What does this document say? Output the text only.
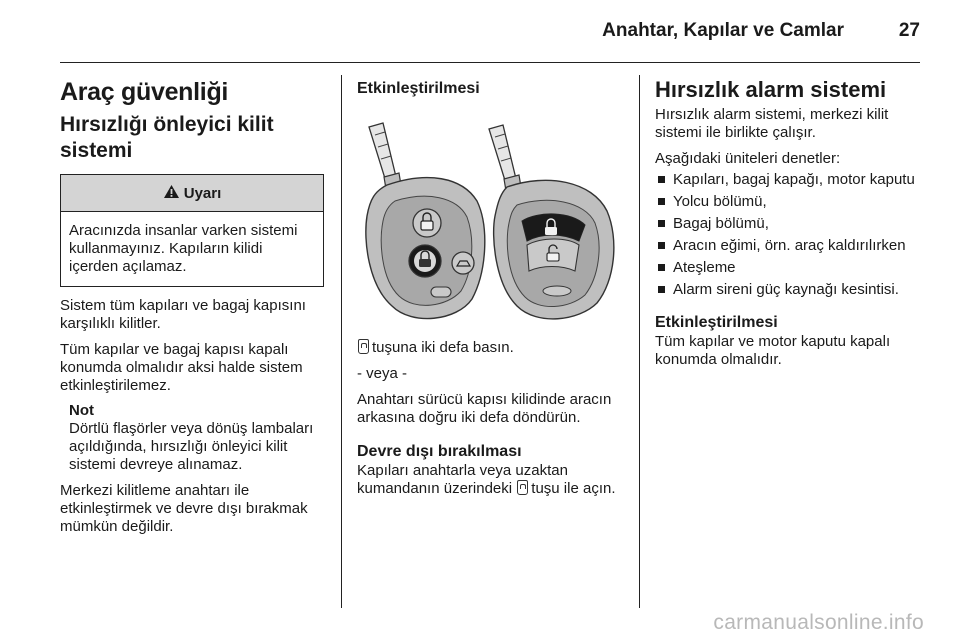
Anahtar, Kapılar ve Camlar	27
Araç güvenliği
Hırsızlığı önleyici kilit sistemi
Uyarı
Aracınızda insanlar varken sistemi kullanmayınız. Kapıların kilidi içerden açılamaz.

Sistem tüm kapıları ve bagaj kapısını karşılıklı kilitler.

Tüm kapılar ve bagaj kapısı kapalı konumda olmalıdır aksi halde sistem etkinleştirilemez.

Not

Dörtlü flaşörler veya dönüş lambaları açıldığında, hırsızlığı önleyici kilit sistemi devreye alınamaz.

Merkezi kilitleme anahtarı ile etkinleştirmek ve devre dışı bırakmak mümkün değildir.

Etkinleştirilmesi

tuşuna iki defa basın.

- veya -

Anahtarı sürücü kapısı kilidinde aracın arkasına doğru iki defa döndürün.

Devre dışı bırakılması

Kapıları anahtarla veya uzaktan kumandanın üzerindeki tuşu ile açın.

Hırsızlık alarm sistemi

Hırsızlık alarm sistemi, merkezi kilit sistemi ile birlikte çalışır.

Aşağıdaki üniteleri denetler:

Kapıları, bagaj kapağı, motor kaputu
Yolcu bölümü,
Bagaj bölümü,
Aracın eğimi, örn. araç kaldırılırken
Ateşleme
Alarm sireni güç kaynağı kesintisi.
Etkinleştirilmesi

Tüm kapılar ve motor kaputu kapalı konumda olmalıdır.

carmanualsonline.info
